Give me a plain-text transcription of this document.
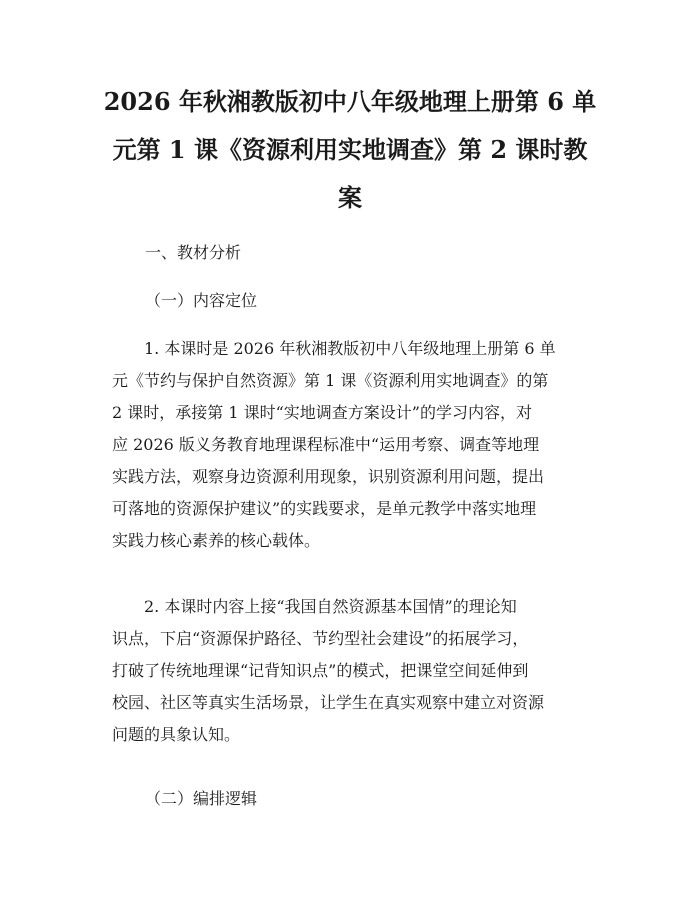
2026 年秋湘教版初中八年级地理上册第 6 单
元第 1 课《资源利用实地调查》第 2 课时教
案
一、教材分析
（一）内容定位
1. 本课时是 2026 年秋湘教版初中八年级地理上册第 6 单
元《节约与保护自然资源》第 1 课《资源利用实地调查》的第
2 课时，承接第 1 课时“实地调查方案设计”的学习内容，对
应 2026 版义务教育地理课程标准中“运用考察、调查等地理
实践方法，观察身边资源利用现象，识别资源利用问题，提出
可落地的资源保护建议”的实践要求，是单元教学中落实地理
实践力核心素养的核心载体。
2. 本课时内容上接“我国自然资源基本国情”的理论知
识点，下启“资源保护路径、节约型社会建设”的拓展学习，
打破了传统地理课“记背知识点”的模式，把课堂空间延伸到
校园、社区等真实生活场景，让学生在真实观察中建立对资源
问题的具象认知。
（二）编排逻辑
